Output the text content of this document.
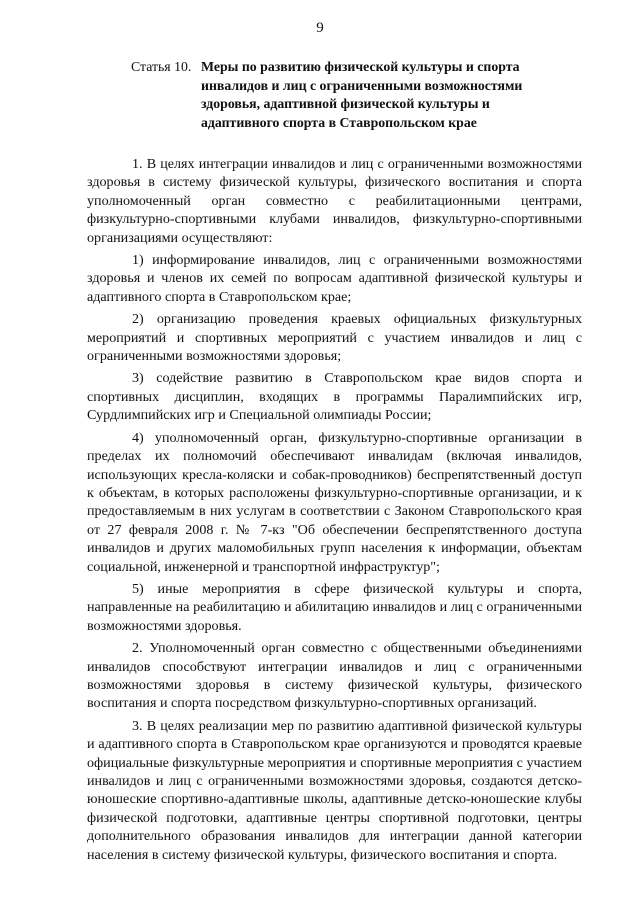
9
Статья 10. Меры по развитию физической культуры и спорта
инвалидов и лиц с ограниченными возможностями
здоровья, адаптивной физической культуры и
адаптивного спорта в Ставропольском крае

1. В целях интеграции инвалидов и лиц с ограниченными возможностями здоровья в систему физической культуры, физического воспитания и спорта уполномоченный орган совместно с реабилитационными центрами, физкультурно-спортивными клубами инвалидов, физкультурно-спортивными организациями осуществляют:

1) информирование инвалидов, лиц с ограниченными возможностями здоровья и членов их семей по вопросам адаптивной физической культуры и адаптивного спорта в Ставропольском крае;

2) организацию проведения краевых официальных физкультурных мероприятий и спортивных мероприятий с участием инвалидов и лиц с ограниченными возможностями здоровья;

3) содействие развитию в Ставропольском крае видов спорта и спортивных дисциплин, входящих в программы Паралимпийских игр, Сурдлимпийских игр и Специальной олимпиады России;

4) уполномоченный орган, физкультурно-спортивные организации в пределах их полномочий обеспечивают инвалидам (включая инвалидов, использующих кресла-коляски и собак-проводников) беспрепятственный доступ к объектам, в которых расположены физкультурно-спортивные организации, и к предоставляемым в них услугам в соответствии с Законом Ставропольского края от 27 февраля 2008 г. № 7-кз "Об обеспечении беспрепятственного доступа инвалидов и других маломобильных групп населения к информации, объектам социальной, инженерной и транспортной инфраструктур";

5) иные мероприятия в сфере физической культуры и спорта, направленные на реабилитацию и абилитацию инвалидов и лиц с ограниченными возможностями здоровья.

2. Уполномоченный орган совместно с общественными объединениями инвалидов способствуют интеграции инвалидов и лиц с ограниченными возможностями здоровья в систему физической культуры, физического воспитания и спорта посредством физкультурно-спортивных организаций.

3. В целях реализации мер по развитию адаптивной физической культуры и адаптивного спорта в Ставропольском крае организуются и проводятся краевые официальные физкультурные мероприятия и спортивные мероприятия с участием инвалидов и лиц с ограниченными возможностями здоровья, создаются детско-юношеские спортивно-адаптивные школы, адаптивные детско-юношеские клубы физической подготовки, адаптивные центры спортивной подготовки, центры дополнительного образования инвалидов для интеграции данной категории населения в систему физической культуры, физического воспитания и спорта.
